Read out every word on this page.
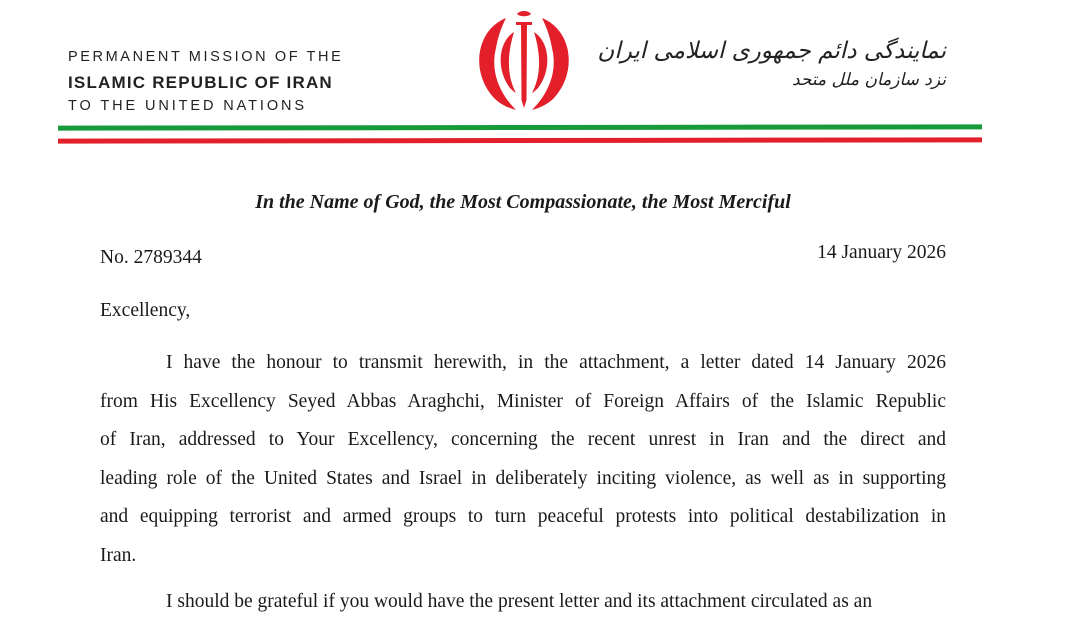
PERMANENT MISSION OF THE
ISLAMIC REPUBLIC OF IRAN
TO THE UNITED NATIONS
نمایندگی دائم جمهوری اسلامی ایران
نزد سازمان ملل متحد
In the Name of God, the Most Compassionate, the Most Merciful
No. 2789344	14 January 2026
Excellency,
I have the honour to transmit herewith, in the attachment, a letter dated 14 January 2026
from His Excellency Seyed Abbas Araghchi, Minister of Foreign Affairs of the Islamic Republic
of Iran, addressed to Your Excellency, concerning the recent unrest in Iran and the direct and
leading role of the United States and Israel in deliberately inciting violence, as well as in supporting
and equipping terrorist and armed groups to turn peaceful protests into political destabilization in
Iran.
I should be grateful if you would have the present letter and its attachment circulated as an
